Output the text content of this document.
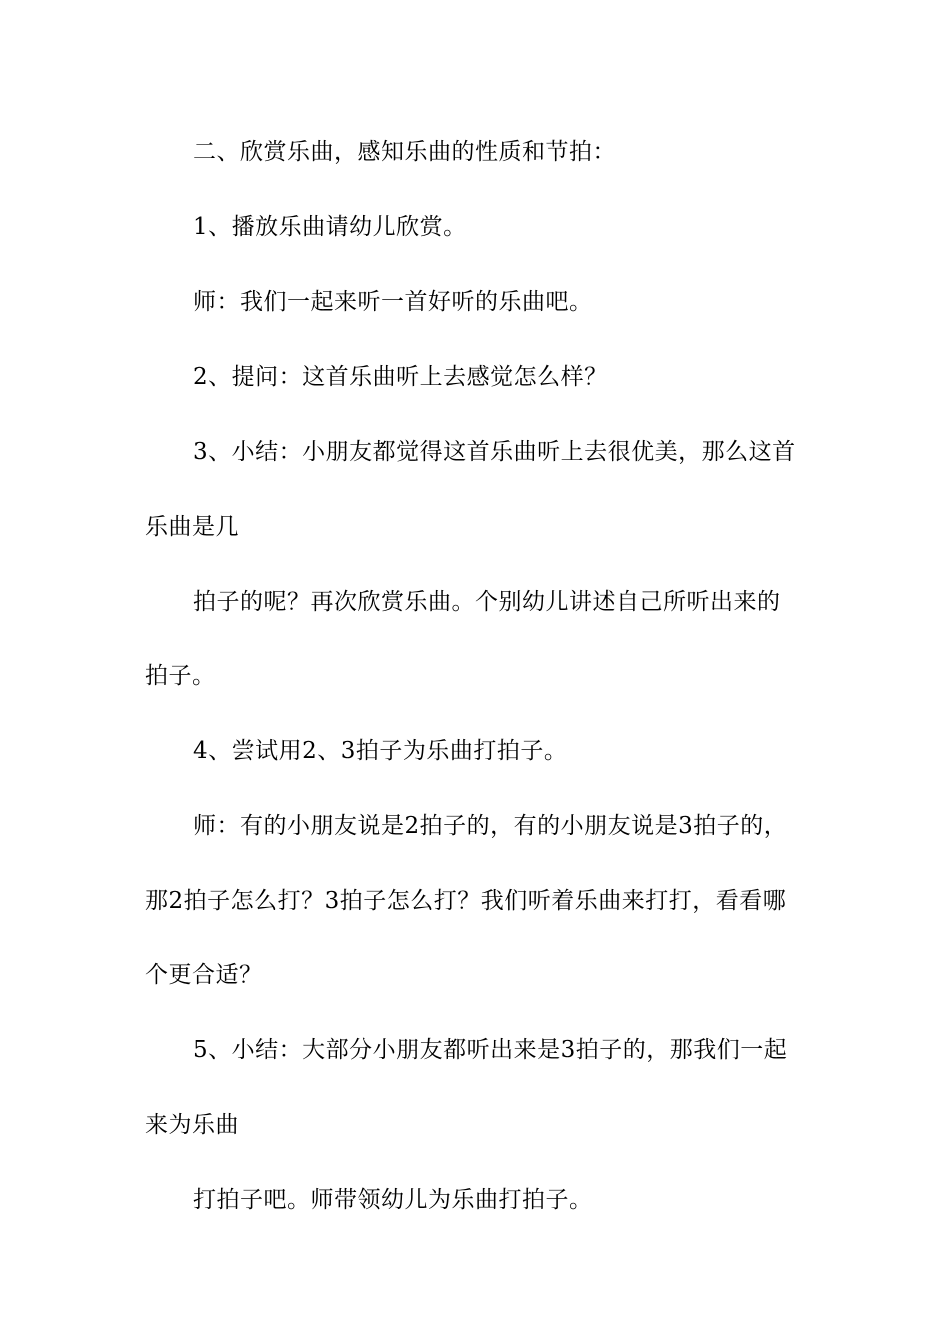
二、欣赏乐曲，感知乐曲的性质和节拍：
1、播放乐曲请幼儿欣赏。
师：我们一起来听一首好听的乐曲吧。
2、提问：这首乐曲听上去感觉怎么样？
3、小结：小朋友都觉得这首乐曲听上去很优美，那么这首
乐曲是几
拍子的呢？再次欣赏乐曲。个别幼儿讲述自己所听出来的
拍子。
4、尝试用2、3拍子为乐曲打拍子。
师：有的小朋友说是2拍子的，有的小朋友说是3拍子的，
那2拍子怎么打？3拍子怎么打？我们听着乐曲来打打，看看哪
个更合适？
5、小结：大部分小朋友都听出来是3拍子的，那我们一起
来为乐曲
打拍子吧。师带领幼儿为乐曲打拍子。
